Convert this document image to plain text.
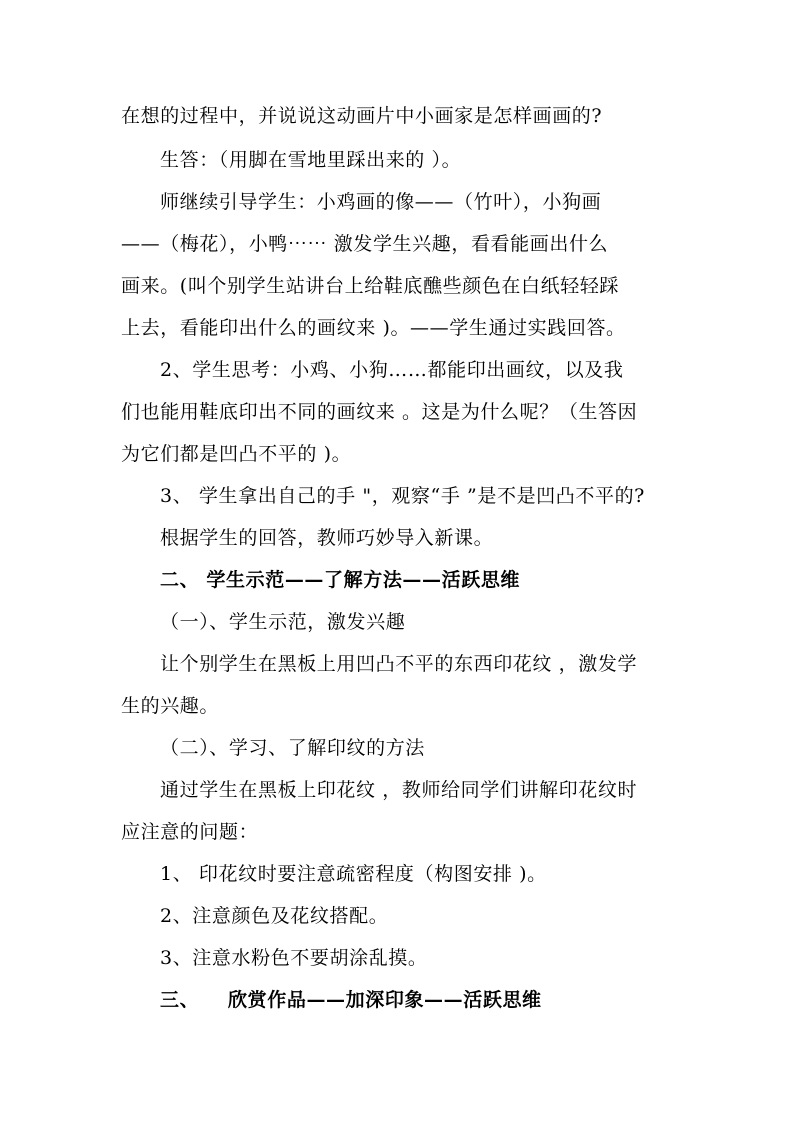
在想的过程中，并说说这动画片中小画家是怎样画画的?
生答：（用脚在雪地里踩出来的 ）。
师继续引导学生：小鸡画的像——（竹叶），小狗画
——（梅花），小鸭⋯⋯ 激发学生兴趣，看看能画出什么
画来。(叫个别学生站讲台上给鞋底醮些颜色在白纸轻轻踩
上去，看能印出什么的画纹来 )。——学生通过实践回答。
2、学生思考：小鸡、小狗……都能印出画纹，以及我
们也能用鞋底印出不同的画纹来 。这是为什么呢？（生答因
为它们都是凹凸不平的 )。
3、 学生拿出自己的手 "，观察“手 ”是不是凹凸不平的?
根据学生的回答，教师巧妙导入新课。
二、 学生示范——了解方法——活跃思维
（一）、学生示范，激发兴趣
让个别学生在黑板上用凹凸不平的东西印花纹 ，激发学
生的兴趣。
（二）、学习、了解印纹的方法
通过学生在黑板上印花纹 ，教师给同学们讲解印花纹时
应注意的问题：
1、 印花纹时要注意疏密程度（构图安排 )。
2、注意颜色及花纹搭配。
3、注意水粉色不要胡涂乱摸。
三、    欣赏作品——加深印象——活跃思维
